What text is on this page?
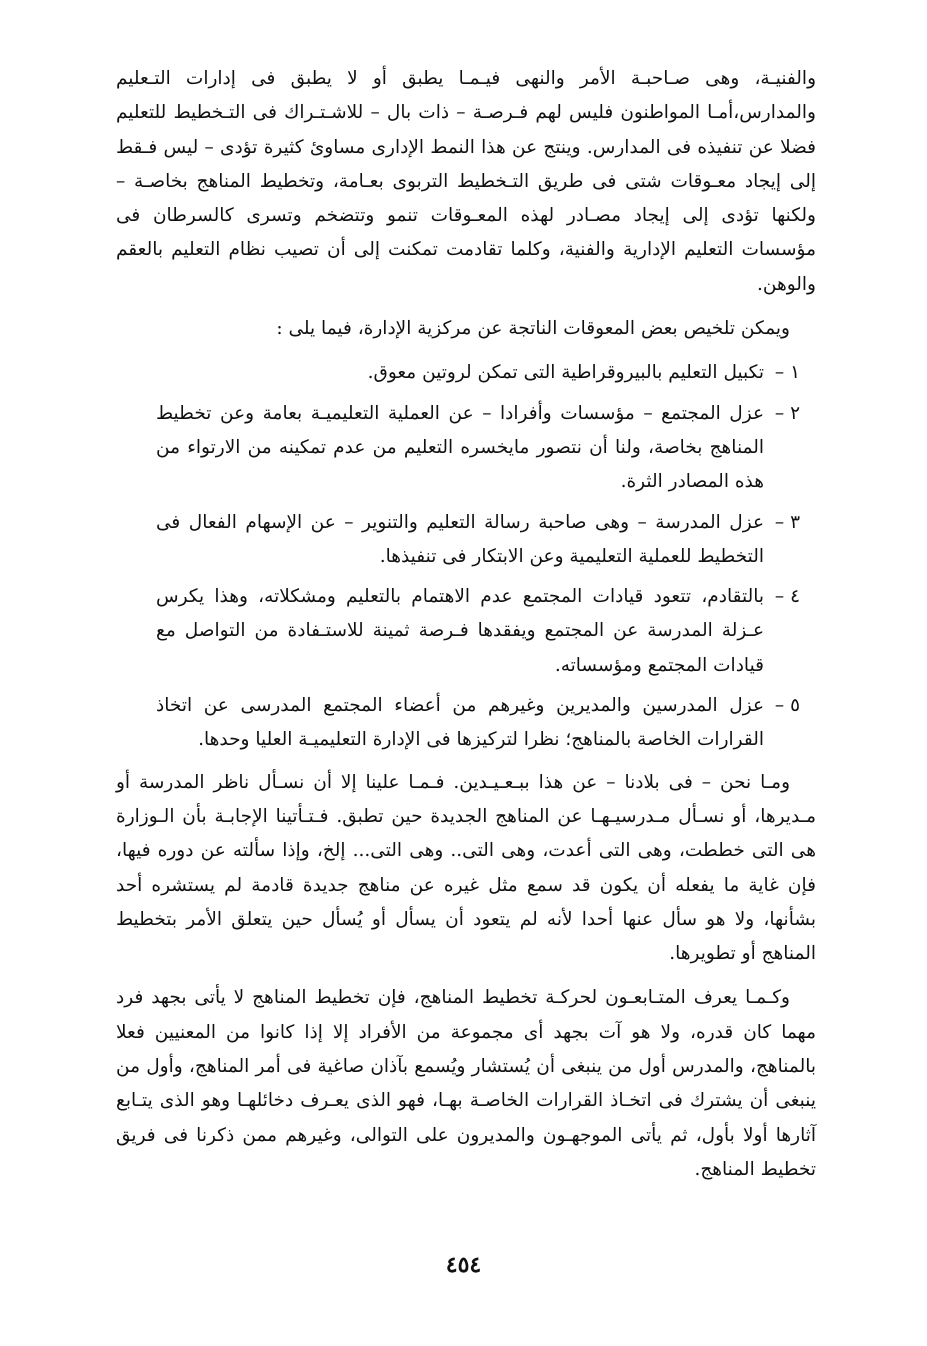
والفنيـة، وهى صـاحبـة الأمر والنهى فيـمـا يطبق أو لا يطبق فى إدارات التـعليم والمدارس،أمـا المواطنون فليس لهم فـرصـة – ذات بال – للاشـتـراك فى التـخطيط للتعليم فضلا عن تنفيذه فى المدارس. وينتج عن هذا النمط الإدارى مساوئ كثيرة تؤدى – ليس فـقط إلى إيجاد معـوقات شتى فى طريق التـخطيط التربوى بعـامة، وتخطيط المناهج بخاصـة – ولكنها تؤدى إلى إيجاد مصـادر لهذه المعـوقات تنمو وتتضخم وتسرى كالسرطان فى مؤسسات التعليم الإدارية والفنية، وكلما تقادمت تمكنت إلى أن تصيب نظام التعليم بالعقم والوهن.

ويمكن تلخيص بعض المعوقات الناتجة عن مركزية الإدارة، فيما يلى :

١ –
تكبيل التعليم بالبيروقراطية التى تمكن لروتين معوق.
٢ –
عزل المجتمع – مؤسسات وأفرادا – عن العملية التعليميـة بعامة وعن تخطيط المناهج بخاصة، ولنا أن نتصور مايخسره التعليم من عدم تمكينه من الارتواء من هذه المصادر الثرة.
٣ –
عزل المدرسة – وهى صاحبة رسالة التعليم والتنوير – عن الإسهام الفعال فى التخطيط للعملية التعليمية وعن الابتكار فى تنفيذها.
٤ –
بالتقادم، تتعود قيادات المجتمع عدم الاهتمام بالتعليم ومشكلاته، وهذا يكرس عـزلة المدرسة عن المجتمع ويفقدها فـرصة ثمينة للاستـفادة من التواصل مع قيادات المجتمع ومؤسساته.
٥ –
عزل المدرسين والمديرين وغيرهم من أعضاء المجتمع المدرسى عن اتخاذ القرارات الخاصة بالمناهج؛ نظرا لتركيزها فى الإدارة التعليميـة العليا وحدها.

ومـا نحن – فى بلادنا – عن هذا ببـعـيـدين. فـمـا علينا إلا أن نسـأل ناظر المدرسة أو مـديرها، أو نسـأل مـدرسيـهـا عن المناهج الجديدة حين تطبق. فـتـأتينا الإجابـة بأن الـوزارة هى التى خططت، وهى التى أعدت، وهى التى.. وهى التى... إلخ، وإذا سألته عن دوره فيها، فإن غاية ما يفعله أن يكون قد سمع مثل غيره عن مناهج جديدة قادمة لم يستشره أحد بشأنها، ولا هو سأل عنها أحدا لأنه لم يتعود أن يسأل أو يُسأل حين يتعلق الأمر بتخطيط المناهج أو تطويرها.

وكـمـا يعرف المتـابعـون لحركـة تخطيط المناهج، فإن تخطيط المناهج لا يأتى بجهد فرد مهما كان قدره، ولا هو آت بجهد أى مجموعة من الأفراد إلا إذا كانوا من المعنيين فعلا بالمناهج، والمدرس أول من ينبغى أن يُستشار ويُسمع بآذان صاغية فى أمر المناهج، وأول من ينبغى أن يشترك فى اتخـاذ القرارات الخاصـة بهـا، فهو الذى يعـرف دخائلهـا وهو الذى يتـابع آثارها أولا بأول، ثم يأتى الموجهـون والمديرون على التوالى، وغيرهم ممن ذكرنا فى فريق تخطيط المناهج.

٤٥٤
